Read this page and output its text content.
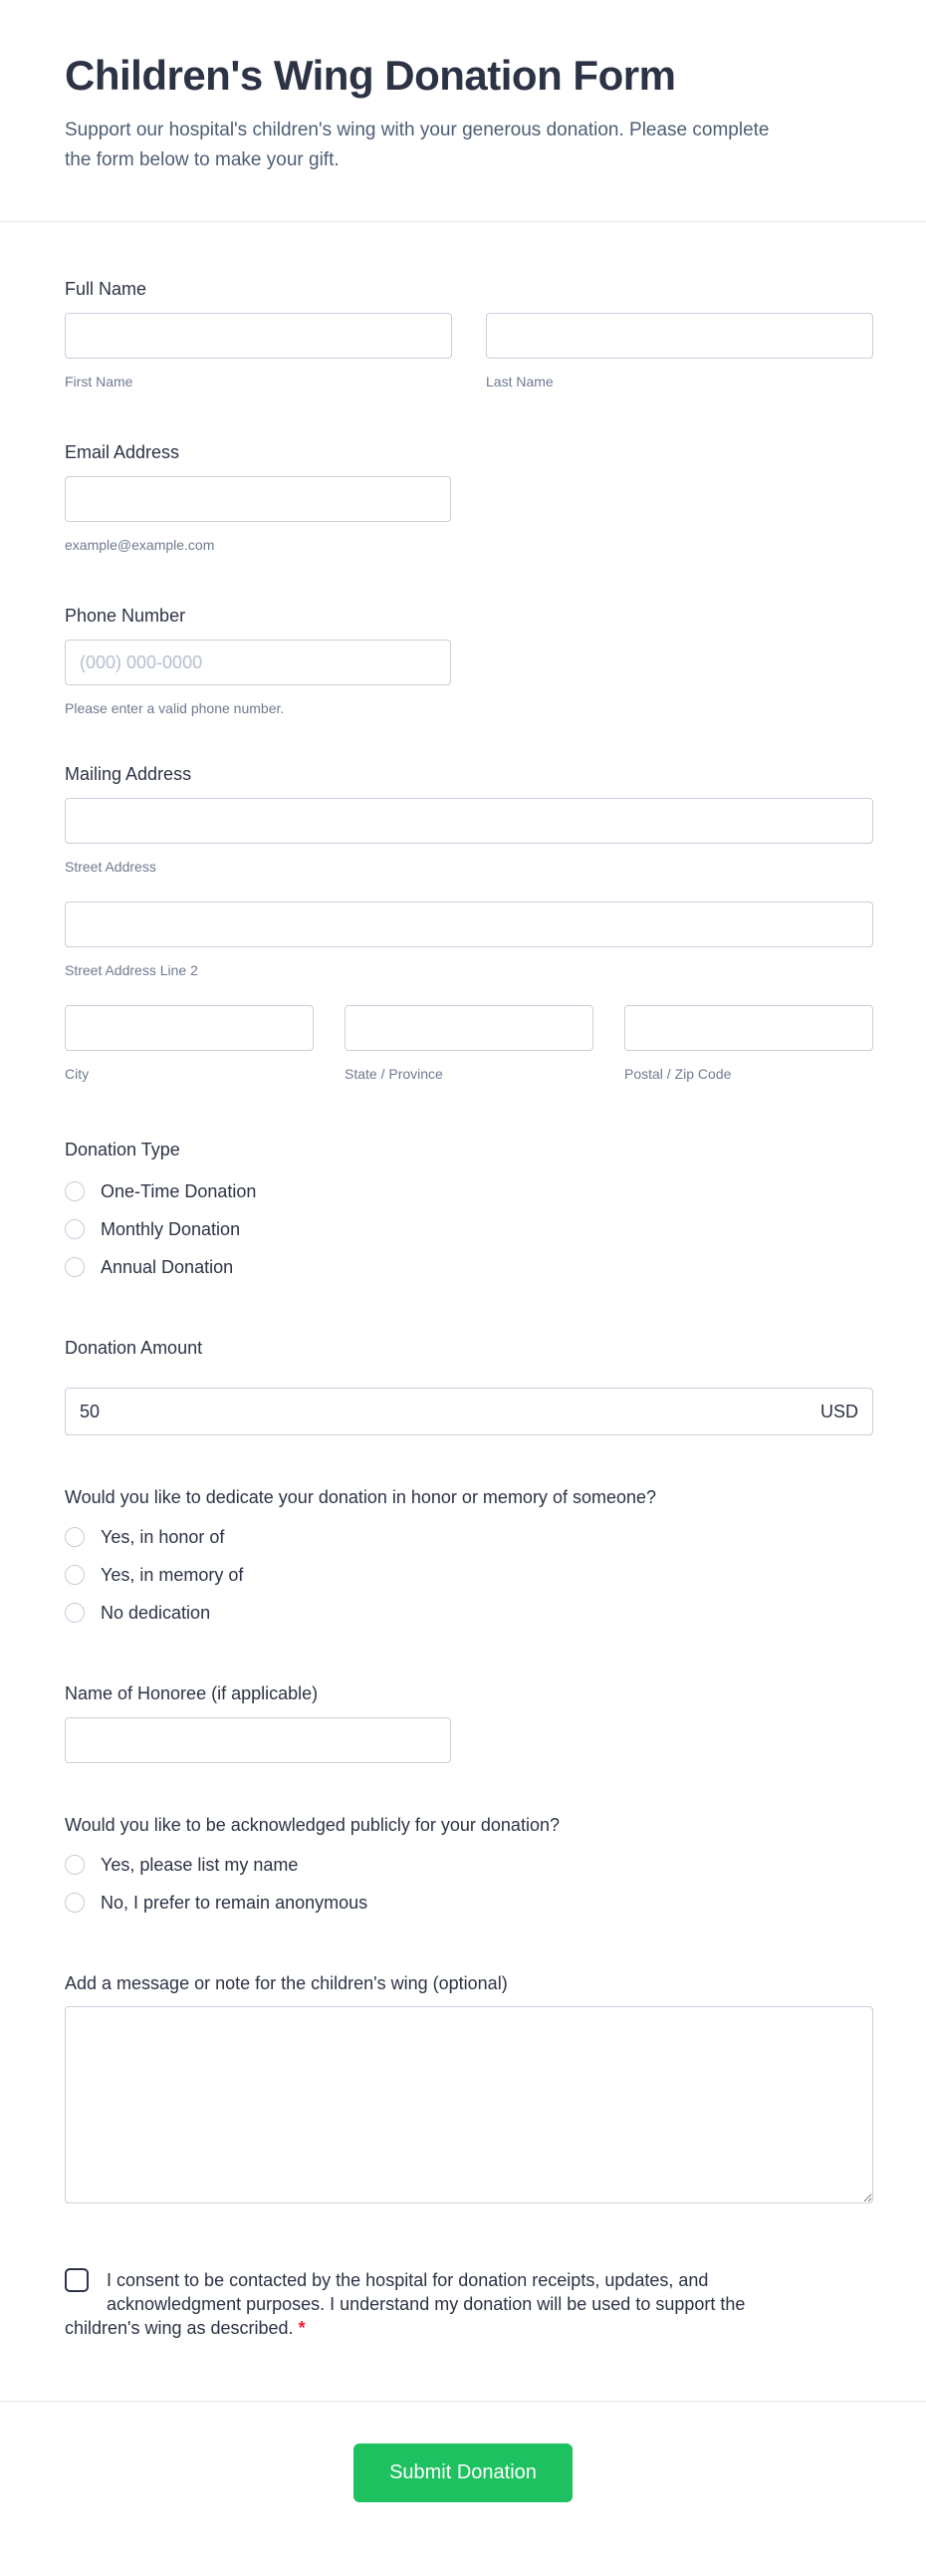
Children's Wing Donation Form
Support our hospital's children's wing with your generous donation. Please complete
the form below to make your gift.
Full Name
First Name	Last Name
Email Address
example@example.com
Phone Number
(000) 000-0000
Please enter a valid phone number.
Mailing Address
Street Address
Street Address Line 2
City	State / Province	Postal / Zip Code
Donation Type
One-Time Donation
Monthly Donation
Annual Donation
Donation Amount
50
USD
Would you like to dedicate your donation in honor or memory of someone?
Yes, in honor of
Yes, in memory of
No dedication
Name of Honoree (if applicable)
Would you like to be acknowledged publicly for your donation?
Yes, please list my name
No, I prefer to remain anonymous
Add a message or note for the children's wing (optional)
I consent to be contacted by the hospital for donation receipts, updates, and acknowledgment purposes. I understand my donation will be used to support the children's wing as described. *
Submit Donation
